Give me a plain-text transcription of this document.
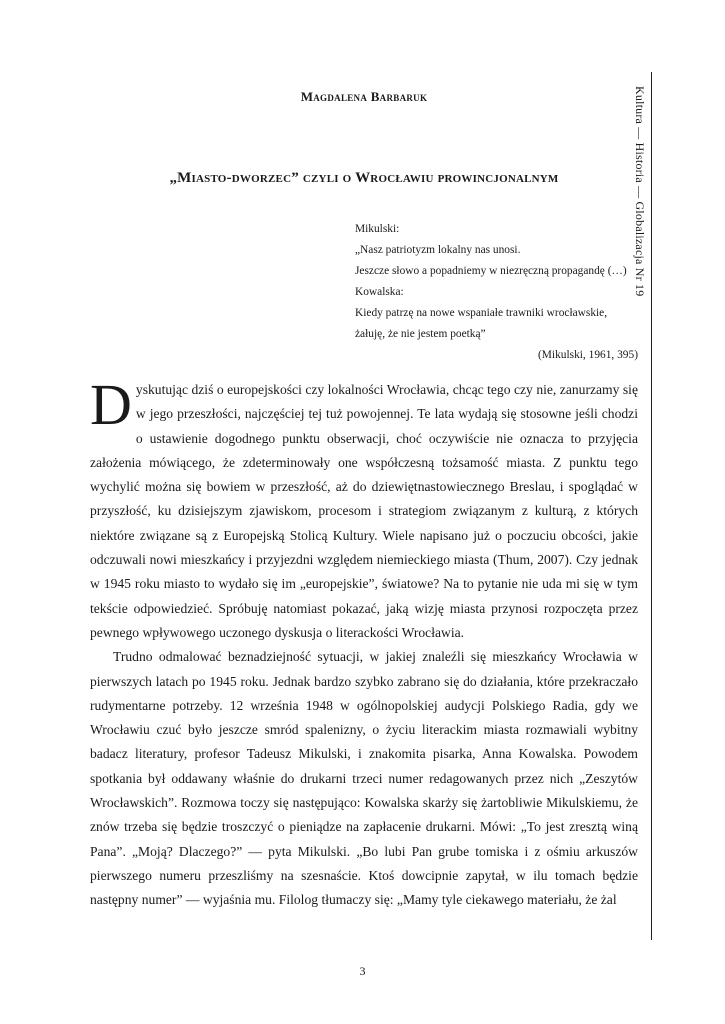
Kultura — Historia — Globalizacja Nr 19
Magdalena Barbaruk
„Miasto-dworzec” czyli o Wrocławiu prowincjonalnym
Mikulski:
„Nasz patriotyzm lokalny nas unosi.
Jeszcze słowo a popadniemy w niezręczną propagandę (…)
Kowalska:
Kiedy patrzę na nowe wspaniałe trawniki wrocławskie,
żałuję, że nie jestem poetką”
(Mikulski, 1961, 395)

Dyskutując dziś o europejskości czy lokalności Wrocławia, chcąc tego czy nie, zanurzamy się w jego przeszłości, najczęściej tej tuż powojennej. Te lata wydają się stosowne jeśli chodzi o ustawienie dogodnego punktu obserwacji, choć oczywiście nie oznacza to przyjęcia założenia mówiącego, że zdeterminowały one współczesną tożsamość miasta. Z punktu tego wychylić można się bowiem w przeszłość, aż do dziewiętnastowiecznego Breslau, i spoglądać w przyszłość, ku dzisiejszym zjawiskom, procesom i strategiom związanym z kulturą, z których niektóre związane są z Europejską Stolicą Kultury. Wiele napisano już o poczuciu obcości, jakie odczuwali nowi mieszkańcy i przyjezdni względem niemieckiego miasta (Thum, 2007). Czy jednak w 1945 roku miasto to wydało się im „europejskie”, światowe? Na to pytanie nie uda mi się w tym tekście odpowiedzieć. Spróbuję natomiast pokazać, jaką wizję miasta przynosi rozpoczęta przez pewnego wpływowego uczonego dyskusja o literackości Wrocławia.

Trudno odmalować beznadziejność sytuacji, w jakiej znaleźli się mieszkańcy Wrocławia w pierwszych latach po 1945 roku. Jednak bardzo szybko zabrano się do działania, które przekraczało rudymentarne potrzeby. 12 września 1948 w ogólnopolskiej audycji Polskiego Radia, gdy we Wrocławiu czuć było jeszcze smród spalenizny, o życiu literackim miasta rozmawiali wybitny badacz literatury, profesor Tadeusz Mikulski, i znakomita pisarka, Anna Kowalska. Powodem spotkania był oddawany właśnie do drukarni trzeci numer redagowanych przez nich „Zeszytów Wrocławskich”. Rozmowa toczy się następująco: Kowalska skarży się żartobliwie Mikulskiemu, że znów trzeba się będzie troszczyć o pieniądze na zapłacenie drukarni. Mówi: „To jest zresztą winą Pana”. „Moją? Dlaczego?” — pyta Mikulski. „Bo lubi Pan grube tomiska i z ośmiu arkuszów pierwszego numeru przeszliśmy na szesnaście. Ktoś dowcipnie zapytał, w ilu tomach będzie następny numer” — wyjaśnia mu. Filolog tłumaczy się: „Mamy tyle ciekawego materiału, że żal

3
